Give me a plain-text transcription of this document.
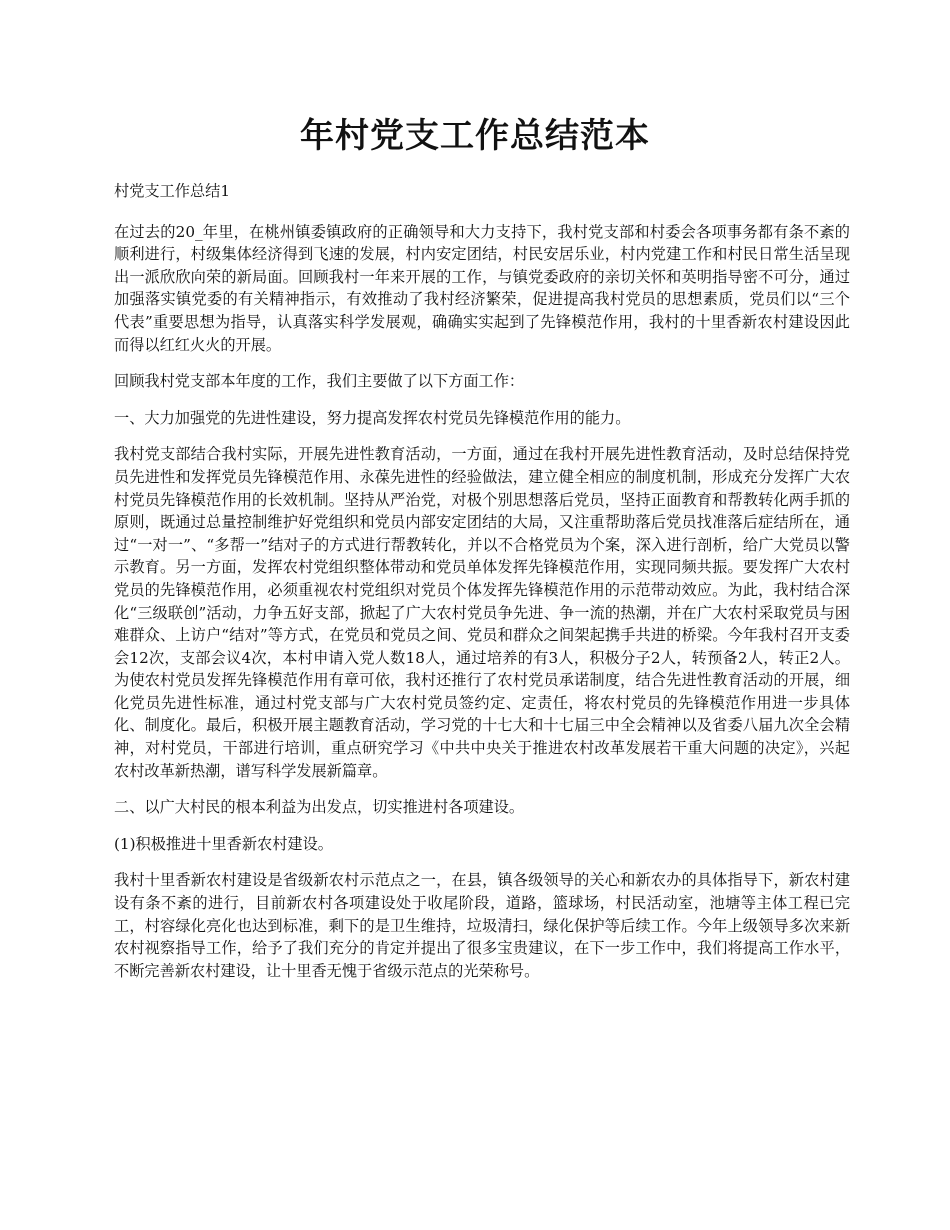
年村党支工作总结范本

村党支工作总结1

在过去的20_年里，在桃州镇委镇政府的正确领导和大力支持下，我村党支部和村委会各项事务都有条不紊的顺利进行，村级集体经济得到飞速的发展，村内安定团结，村民安居乐业，村内党建工作和村民日常生活呈现出一派欣欣向荣的新局面。回顾我村一年来开展的工作，与镇党委政府的亲切关怀和英明指导密不可分，通过加强落实镇党委的有关精神指示，有效推动了我村经济繁荣，促进提高我村党员的思想素质，党员们以“三个代表”重要思想为指导，认真落实科学发展观，确确实实起到了先锋模范作用，我村的十里香新农村建设因此而得以红红火火的开展。

回顾我村党支部本年度的工作，我们主要做了以下方面工作：

一、大力加强党的先进性建设，努力提高发挥农村党员先锋模范作用的能力。

我村党支部结合我村实际，开展先进性教育活动，一方面，通过在我村开展先进性教育活动，及时总结保持党员先进性和发挥党员先锋模范作用、永葆先进性的经验做法，建立健全相应的制度机制，形成充分发挥广大农村党员先锋模范作用的长效机制。坚持从严治党，对极个别思想落后党员，坚持正面教育和帮教转化两手抓的原则，既通过总量控制维护好党组织和党员内部安定团结的大局，又注重帮助落后党员找准落后症结所在，通过“一对一”、“多帮一”结对子的方式进行帮教转化，并以不合格党员为个案，深入进行剖析，给广大党员以警示教育。另一方面，发挥农村党组织整体带动和党员单体发挥先锋模范作用，实现同频共振。要发挥广大农村党员的先锋模范作用，必须重视农村党组织对党员个体发挥先锋模范作用的示范带动效应。为此，我村结合深化“三级联创”活动，力争五好支部，掀起了广大农村党员争先进、争一流的热潮，并在广大农村采取党员与困难群众、上访户“结对”等方式，在党员和党员之间、党员和群众之间架起携手共进的桥梁。今年我村召开支委会12次，支部会议4次，本村申请入党人数18人，通过培养的有3人，积极分子2人，转预备2人，转正2人。为使农村党员发挥先锋模范作用有章可依，我村还推行了农村党员承诺制度，结合先进性教育活动的开展，细化党员先进性标准，通过村党支部与广大农村党员签约定、定责任，将农村党员的先锋模范作用进一步具体化、制度化。最后，积极开展主题教育活动，学习党的十七大和十七届三中全会精神以及省委八届九次全会精神，对村党员，干部进行培训，重点研究学习《中共中央关于推进农村改革发展若干重大问题的决定》，兴起农村改革新热潮，谱写科学发展新篇章。

二、以广大村民的根本利益为出发点，切实推进村各项建设。

(1)积极推进十里香新农村建设。

我村十里香新农村建设是省级新农村示范点之一，在县，镇各级领导的关心和新农办的具体指导下，新农村建设有条不紊的进行，目前新农村各项建设处于收尾阶段，道路，篮球场，村民活动室，池塘等主体工程已完工，村容绿化亮化也达到标准，剩下的是卫生维持，垃圾清扫，绿化保护等后续工作。今年上级领导多次来新农村视察指导工作，给予了我们充分的肯定并提出了很多宝贵建议，在下一步工作中，我们将提高工作水平，不断完善新农村建设，让十里香无愧于省级示范点的光荣称号。
